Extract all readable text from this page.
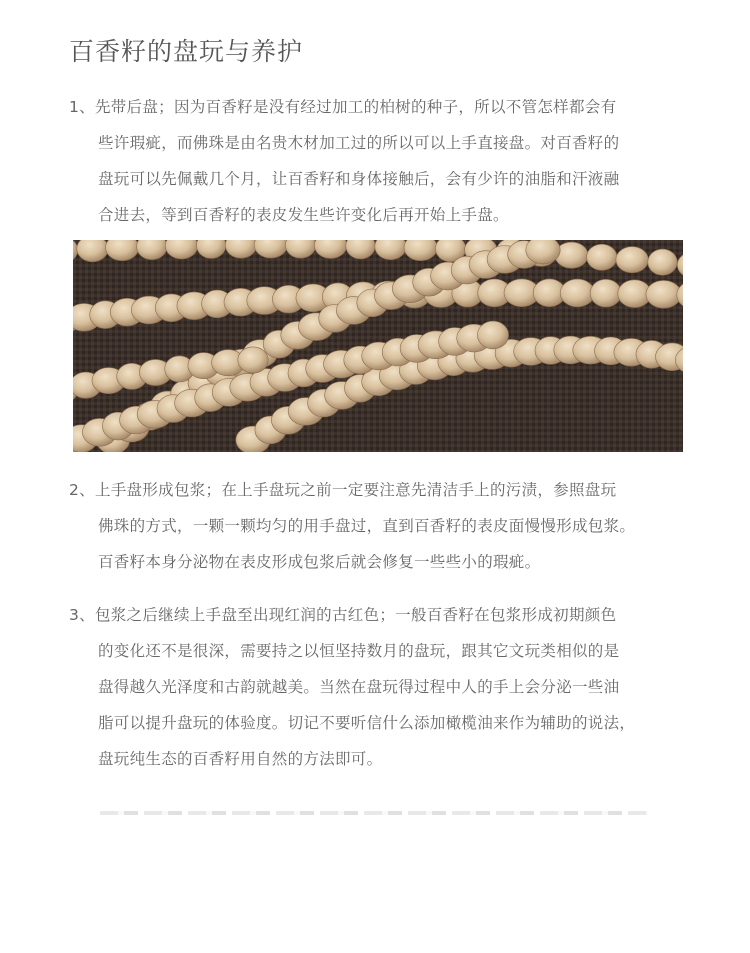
百香籽的盘玩与养护
1、先带后盘；因为百香籽是没有经过加工的柏树的种子，所以不管怎样都会有
些许瑕疵，而佛珠是由名贵木材加工过的所以可以上手直接盘。对百香籽的
盘玩可以先佩戴几个月，让百香籽和身体接触后，会有少许的油脂和汗液融
合进去，等到百香籽的表皮发生些许变化后再开始上手盘。
2、上手盘形成包浆；在上手盘玩之前一定要注意先清洁手上的污渍，参照盘玩
佛珠的方式，一颗一颗均匀的用手盘过，直到百香籽的表皮面慢慢形成包浆。
百香籽本身分泌物在表皮形成包浆后就会修复一些些小的瑕疵。
3、包浆之后继续上手盘至出现红润的古红色；一般百香籽在包浆形成初期颜色
的变化还不是很深，需要持之以恒坚持数月的盘玩，跟其它文玩类相似的是
盘得越久光泽度和古韵就越美。当然在盘玩得过程中人的手上会分泌一些油
脂可以提升盘玩的体验度。切记不要听信什么添加橄榄油来作为辅助的说法，
盘玩纯生态的百香籽用自然的方法即可。
